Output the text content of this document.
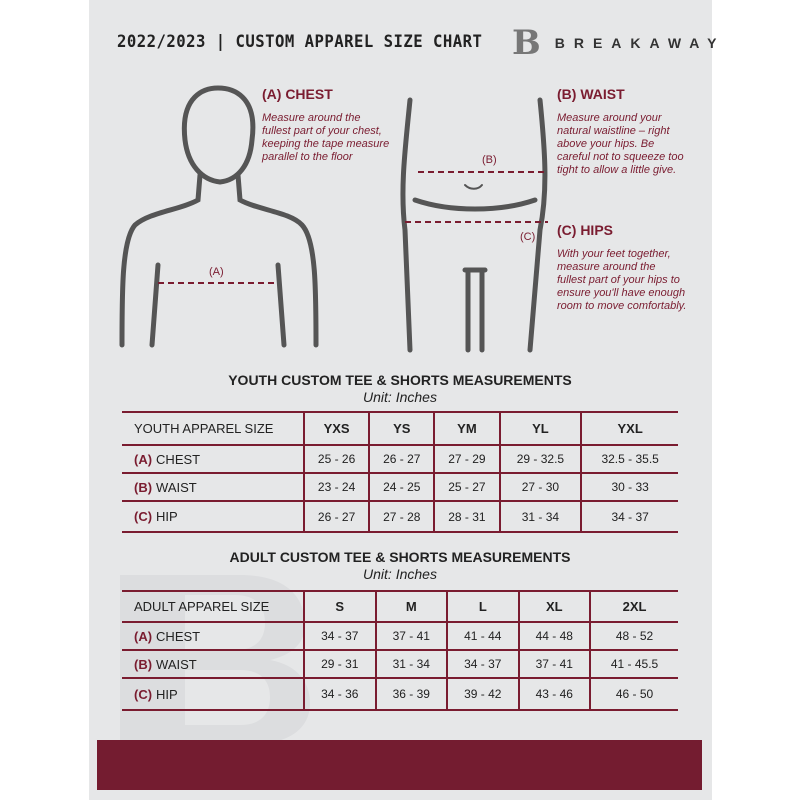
2022/2023 | CUSTOM APPAREL SIZE CHART B BREAKAWAY
(A)
(B)
(C)
(A) CHEST
Measure around the fullest part of your chest, keeping the tape measure parallel to the floor
(B) WAIST
Measure around your natural waistline – right above your hips. Be careful not to squeeze too tight to allow a little give.
(C) HIPS
With your feet together, measure around the fullest part of your hips to ensure you'll have enough room to move comfortably.
YOUTH CUSTOM TEE & SHORTS MEASUREMENTS
Unit: Inches
YOUTH APPAREL SIZE	YXS	YS	YM	YL	YXL
(A) CHEST	25 - 26	26 - 27	27 - 29	29 - 32.5	32.5 - 35.5
(B) WAIST	23 - 24	24 - 25	25 - 27	27 - 30	30 - 33
(C) HIP	26 - 27	27 - 28	28 - 31	31 - 34	34 - 37
ADULT CUSTOM TEE & SHORTS MEASUREMENTS
Unit: Inches
ADULT APPAREL SIZE	S	M	L	XL	2XL
(A) CHEST	34 - 37	37 - 41	41 - 44	44 - 48	48 - 52
(B) WAIST	29 - 31	31 - 34	34 - 37	37 - 41	41 - 45.5
(C) HIP	34 - 36	36 - 39	39 - 42	43 - 46	46 - 50
